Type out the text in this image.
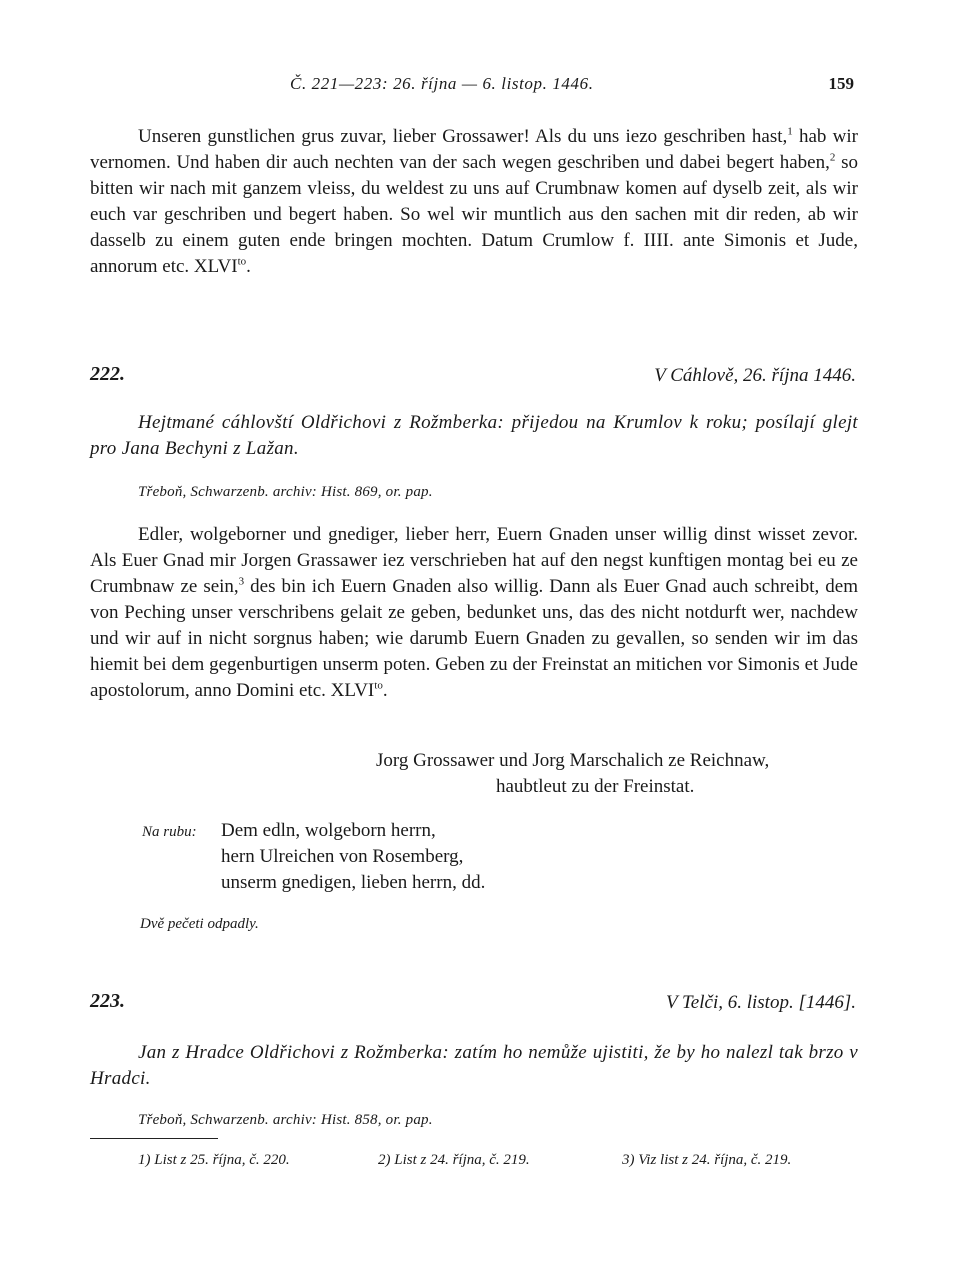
Č. 221—223: 26. října — 6. listop. 1446.	159

Unseren gunstlichen grus zuvar, lieber Grossawer! Als du uns iezo geschriben hast,$^1$ hab wir vernomen. Und haben dir auch nechten van der sach wegen geschriben und dabei begert haben,$^2$ so bitten wir nach mit ganzem vleiss, du weldest zu uns auf Crumbnaw komen auf dyselb zeit, als wir euch var geschriben und begert haben. So wel wir muntlich aus den sachen mit dir reden, ab wir dasselb zu einem guten ende bringen mochten. Datum Crumlow f. IIII. ante Simonis et Jude, annorum etc. $XLVI^{to}$.

222.	V Cáhlově, 26. října 1446.

Hejtmané cáhlovští Oldřichovi z Rožmberka: přijedou na Krumlov k roku; posílají glejt pro Jana Bechyni z Lažan.

Třeboň, Schwarzenb. archiv: Hist. 869, or. pap.

Edler, wolgeborner und gnediger, lieber herr, Euern Gnaden unser willig dinst wisset zevor. Als Euer Gnad mir Jorgen Grassawer iez verschrieben hat auf den negst kunftigen montag bei eu ze Crumbnaw ze sein,$^3$ des bin ich Euern Gnaden also willig. Dann als Euer Gnad auch schreibt, dem von Peching unser verschribens gelait ze geben, bedunket uns, das des nicht notdurft wer, nachdew und wir auf in nicht sorgnus haben; wie darumb Euern Gnaden zu gevallen, so senden wir im das hiemit bei dem gegenburtigen unserm poten. Geben zu der Freinstat an mitichen vor Simonis et Jude apostolorum, anno Domini etc. $XLVI^{to}$.

Jorg Grossawer und Jorg Marschalich ze Reichnaw,
haubtleut zu der Freinstat.
Na rubu: Dem edln, wolgeborn herrn,
hern Ulreichen von Rosemberg,
unserm gnedigen, lieben herrn, dd.
Dvě pečeti odpadly.
223.	V Telči, 6. listop. [1446].

Jan z Hradce Oldřichovi z Rožmberka: zatím ho nemůže ujistiti, že by ho nalezl tak brzo v Hradci.

Třeboň, Schwarzenb. archiv: Hist. 858, or. pap.

1) List z 25. října, č. 220.	2) List z 24. října, č. 219.	3) Viz list z 24. října, č. 219.
